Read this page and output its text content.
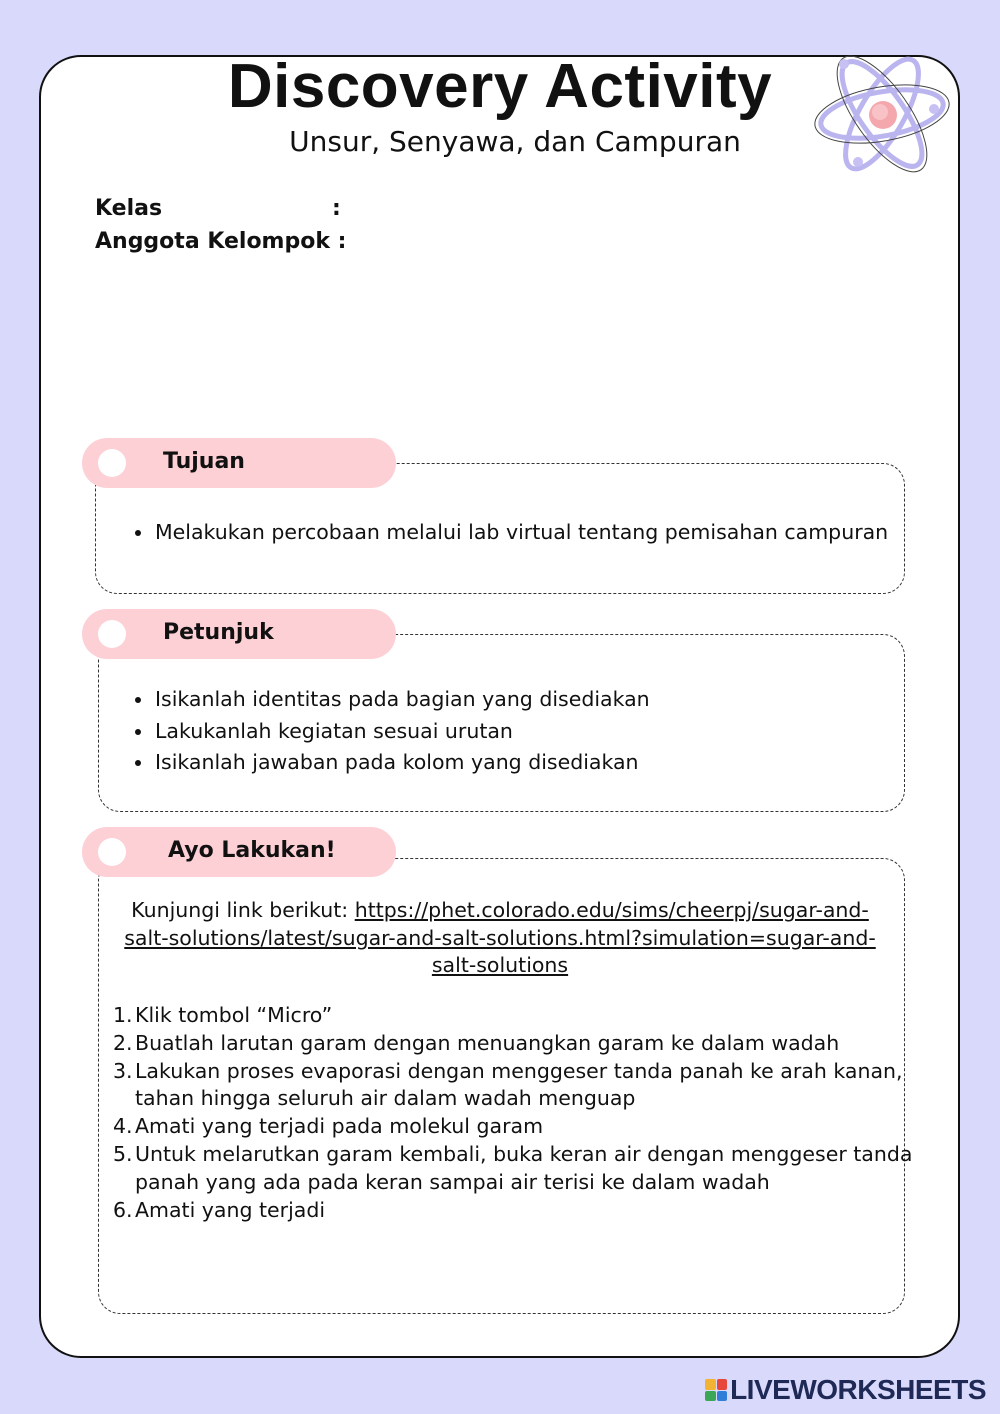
Discovery Activity
Unsur, Senyawa, dan Campuran
Kelas	:
Anggota Kelompok :
Tujuan
Melakukan percobaan melalui lab virtual tentang pemisahan campuran
Petunjuk
Isikanlah identitas pada bagian yang disediakan
Lakukanlah kegiatan sesuai urutan
Isikanlah jawaban pada kolom yang disediakan
Ayo Lakukan!
Kunjungi link berikut: https://phet.colorado.edu/sims/cheerpj/sugar-and-
salt-solutions/latest/sugar-and-salt-solutions.html?simulation=sugar-and-
salt-solutions
1. Klik tombol “Micro”
2. Buatlah larutan garam dengan menuangkan garam ke dalam wadah
3. Lakukan proses evaporasi dengan menggeser tanda panah ke arah kanan,
tahan hingga seluruh air dalam wadah menguap
4. Amati yang terjadi pada molekul garam
5. Untuk melarutkan garam kembali, buka keran air dengan menggeser tanda
panah yang ada pada keran sampai air terisi ke dalam wadah
6. Amati yang terjadi
LIVEWORKSHEETS
